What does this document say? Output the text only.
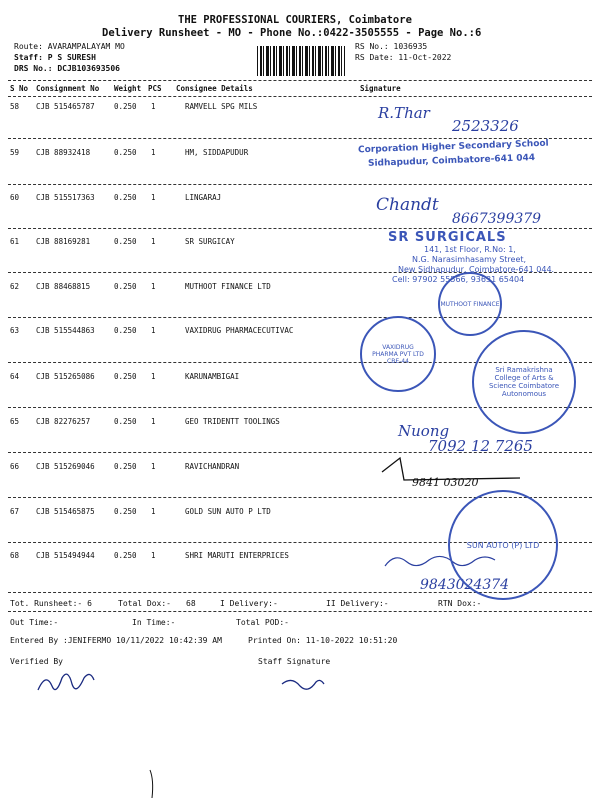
THE PROFESSIONAL COURIERS, Coimbatore
Delivery Runsheet - MO - Phone No.:0422-3505555 - Page No.:6
Route: AVARAMPALAYAM MO
Staff: P S SURESH
DRS No.: DCJB103693506
RS No.: 1036935
RS Date: 11-Oct-2022
S No Consignment No Weight PCS Consignee Details	Signature
58 CJB 515465787	0.250 1	RAMVELL SPG MILS
59 CJB 88932418	0.250 1	HM, SIDDAPUDUR
60 CJB 515517363	0.250 1	LINGARAJ
61 CJB 88169281	0.250 1	SR SURGICAY
62 CJB 88468815	0.250 1	MUTHOOT FINANCE LTD
63 CJB 515544863	0.250 1	VAXIDRUG PHARMACECUTIVAC
64 CJB 515265086	0.250 1	KARUNAMBIGAI
65 CJB 82276257	0.250 1	GEO TRIDENTT TOOLINGS
66 CJB 515269046	0.250 1	RAVICHANDRAN
67 CJB 515465875	0.250 1	GOLD SUN AUTO P LTD
68 CJB 515494944	0.250 1	SHRI MARUTI ENTERPRICES
R.Thar
2523326
Chandt
8667399379
Nuong
7092 12 7265
9841 03020
9843024374
Corporation Higher Secondary School
Sidhapudur, Coimbatore-641 044
SR SURGICALS
141, 1st Floor, R.No: 1,
N.G. Narasimhasamy Street,
New Sidhapudur, Coimbatore-641 044.
Cell: 97902 55566, 93631 65404
MUTHOOT FINANCE
VAXIDRUG PHARMA PVT LTD CBE-44
Sri Ramakrishna College of Arts & Science Coimbatore Autonomous
SUN AUTO (P) LTD
Tot. Runsheet:- 6	Total Dox:- 68	I Delivery:-	II Delivery:-	RTN Dox:-
Out Time:-	In Time:-	Total POD:-
Entered By :JENIFERMO 10/11/2022 10:42:39 AM	Printed On: 11-10-2022 10:51:20
Verified By	Staff Signature
